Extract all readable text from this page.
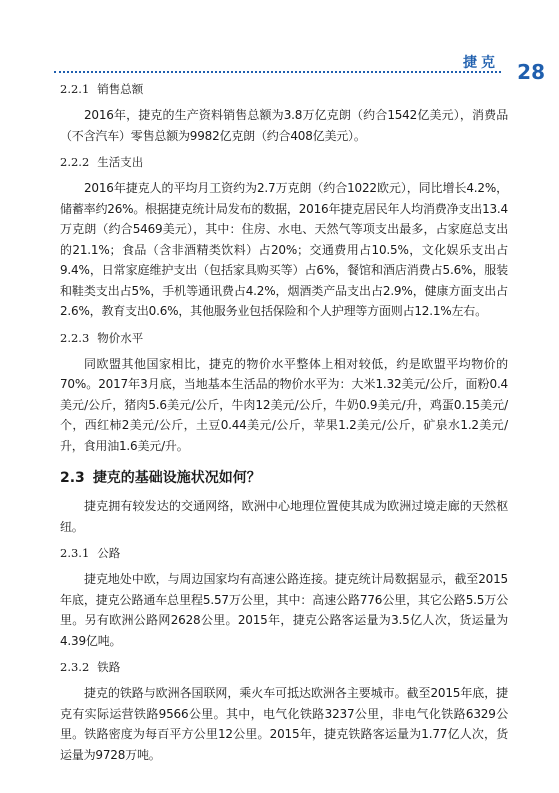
捷克 28
2.2.1 销售总额

2016年，捷克的生产资料销售总额为3.8万亿克朗（约合1542亿美元），消费品（不含汽车）零售总额为9982亿克朗（约合408亿美元）。

2.2.2 生活支出

2016年捷克人的平均月工资约为2.7万克朗（约合1022欧元），同比增长4.2%，储蓄率约26%。根据捷克统计局发布的数据，2016年捷克居民年人均消费净支出13.4万克朗（约合5469美元），其中：住房、水电、天然气等项支出最多，占家庭总支出的21.1%；食品（含非酒精类饮料）占20%；交通费用占10.5%，文化娱乐支出占9.4%，日常家庭维护支出（包括家具购买等）占6%，餐馆和酒店消费占5.6%，服装和鞋类支出占5%，手机等通讯费占4.2%，烟酒类产品支出占2.9%，健康方面支出占2.6%，教育支出0.6%，其他服务业包括保险和个人护理等方面则占12.1%左右。

2.2.3 物价水平

同欧盟其他国家相比，捷克的物价水平整体上相对较低，约是欧盟平均物价的70%。2017年3月底，当地基本生活品的物价水平为：大米1.32美元/公斤，面粉0.4美元/公斤，猪肉5.6美元/公斤，牛肉12美元/公斤，牛奶0.9美元/升，鸡蛋0.15美元/个，西红柿2美元/公斤，土豆0.44美元/公斤，苹果1.2美元/公斤，矿泉水1.2美元/升，食用油1.6美元/升。

2.3 捷克的基础设施状况如何？

捷克拥有较发达的交通网络，欧洲中心地理位置使其成为欧洲过境走廊的天然枢纽。

2.3.1 公路

捷克地处中欧，与周边国家均有高速公路连接。捷克统计局数据显示，截至2015年底，捷克公路通车总里程5.57万公里，其中：高速公路776公里，其它公路5.5万公里。另有欧洲公路网2628公里。2015年，捷克公路客运量为3.5亿人次，货运量为4.39亿吨。

2.3.2 铁路

捷克的铁路与欧洲各国联网，乘火车可抵达欧洲各主要城市。截至2015年底，捷克有实际运营铁路9566公里。其中，电气化铁路3237公里，非电气化铁路6329公里。铁路密度为每百平方公里12公里。2015年，捷克铁路客运量为1.77亿人次，货运量为9728万吨。
